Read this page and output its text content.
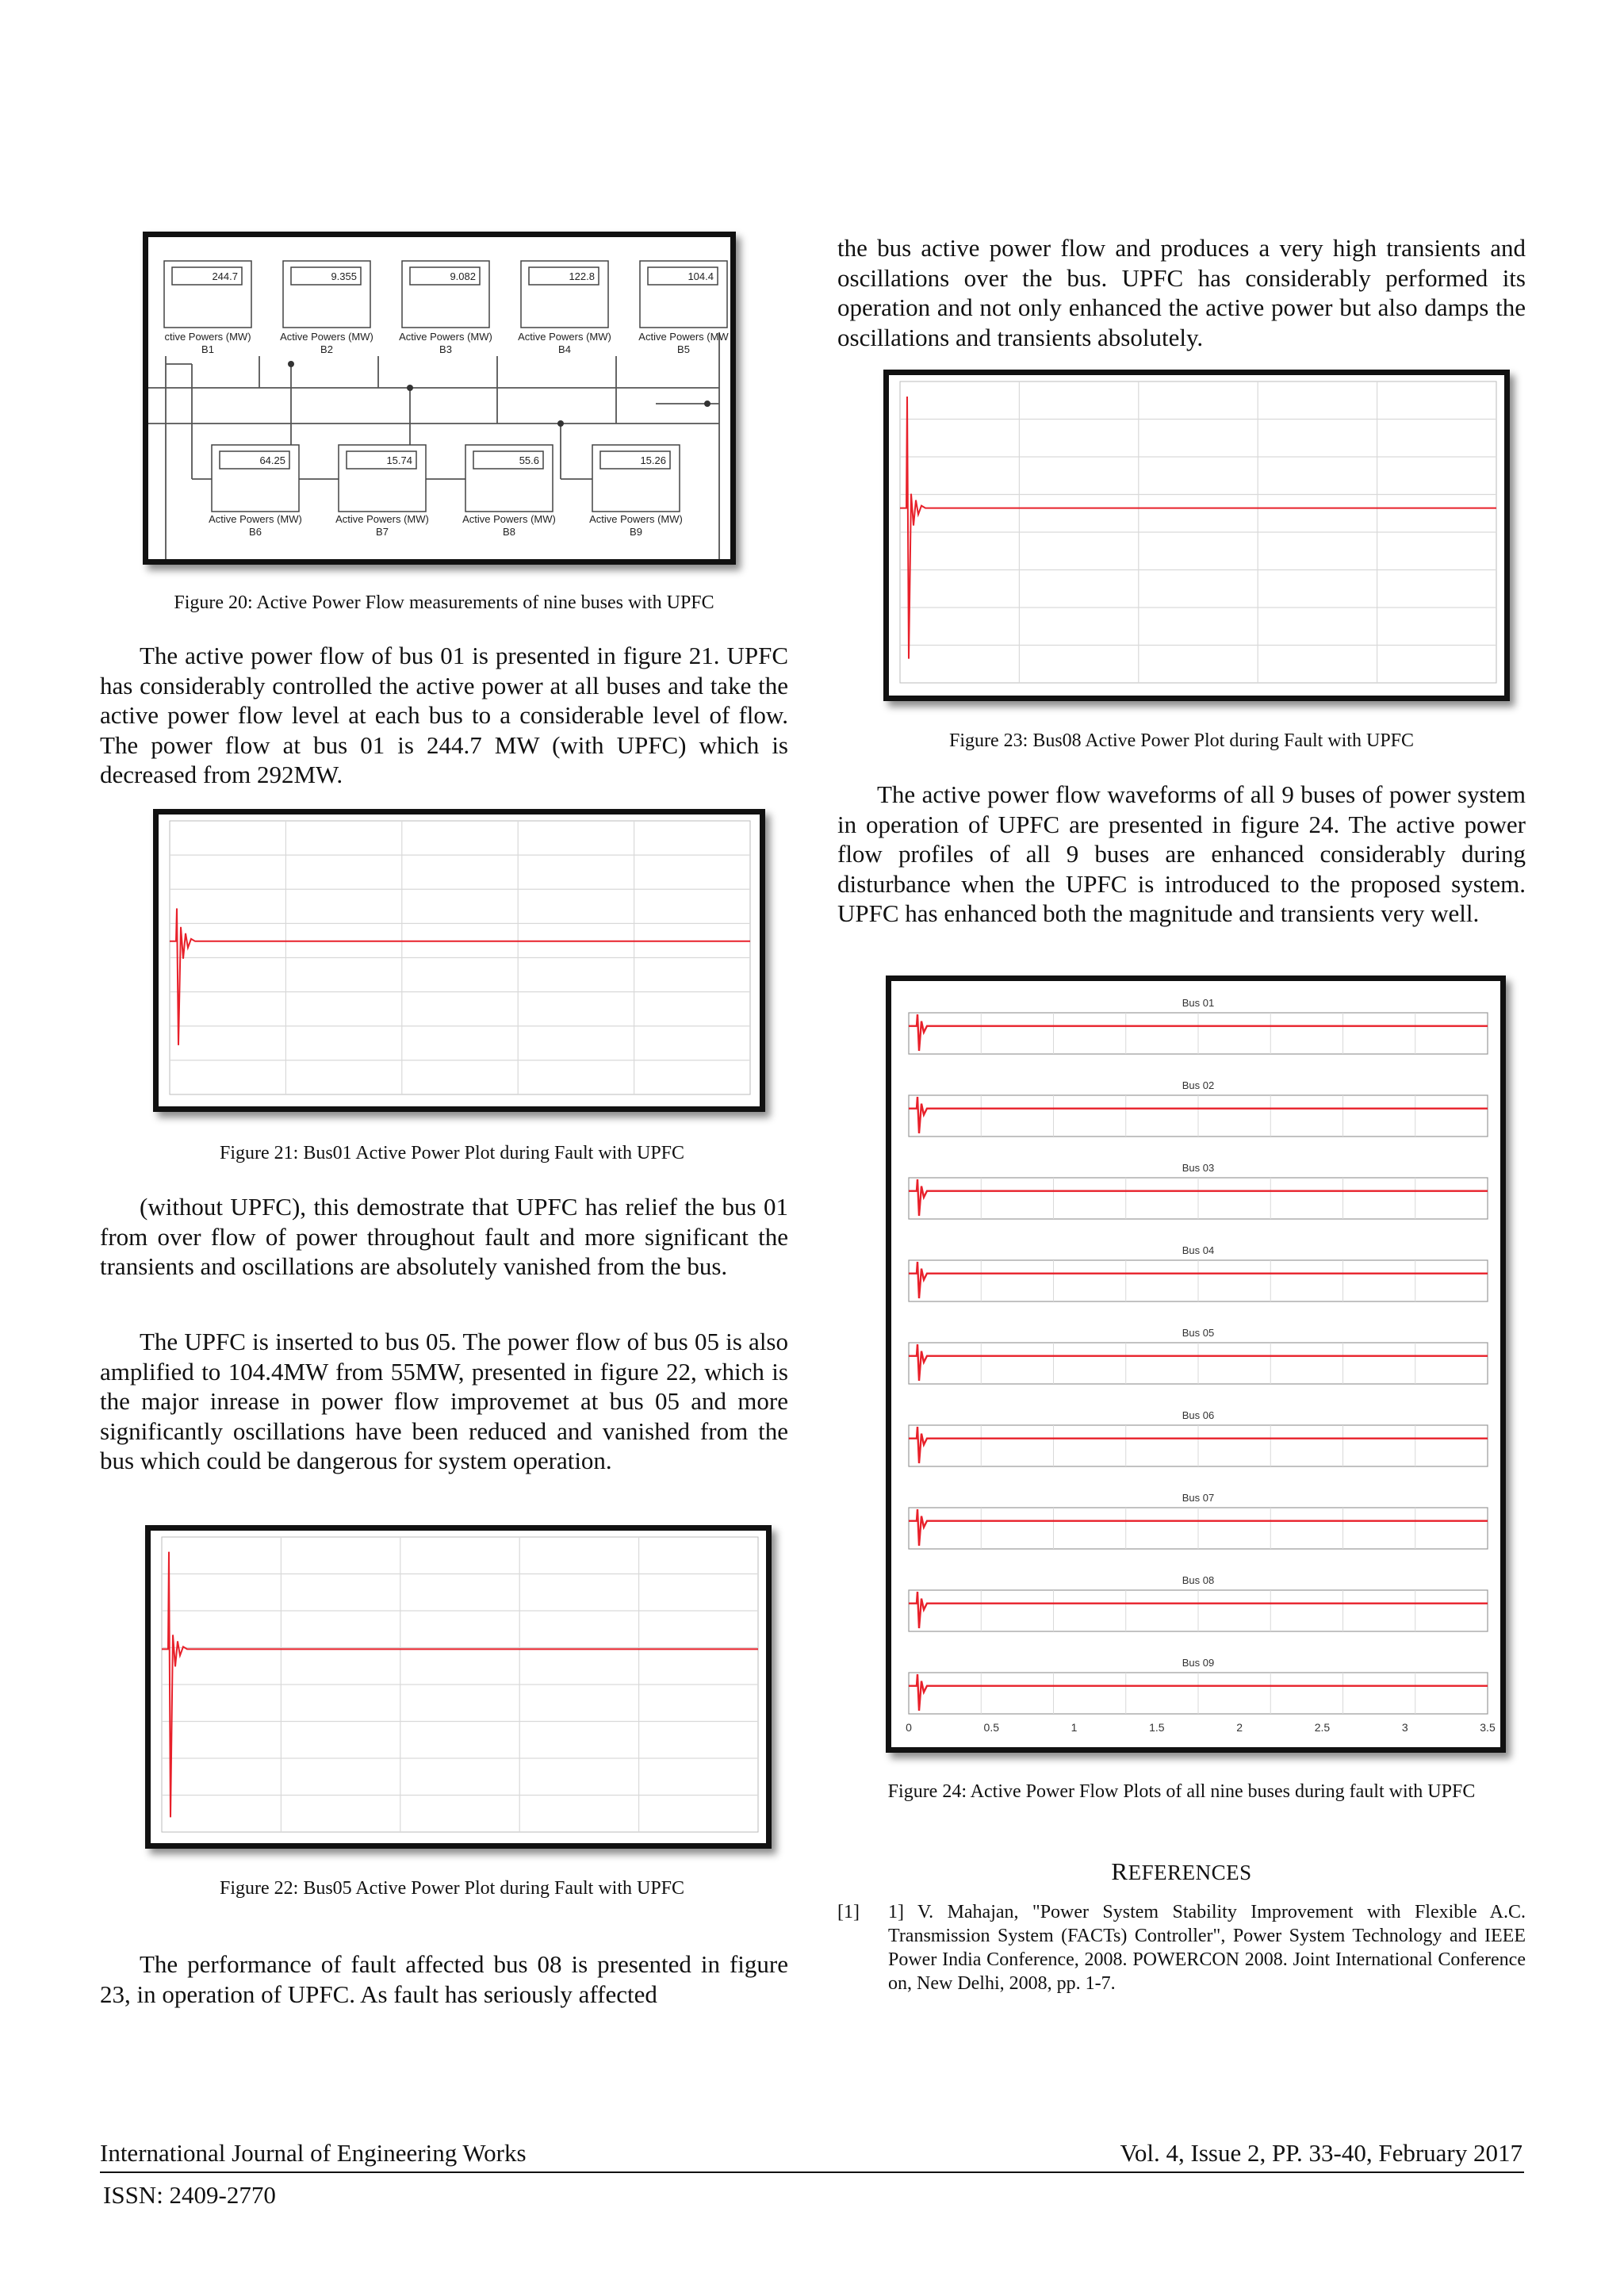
244.7
ctive Powers (MW)
B1
9.355
Active Powers (MW)
B2
9.082
Active Powers (MW)
B3
122.8
Active Powers (MW)
B4
104.4
Active Powers (MW
B5
64.25
Active Powers (MW)
B6
15.74
Active Powers (MW)
B7
55.6
Active Powers (MW)
B8
15.26
Active Powers (MW)
B9
Figure 20: Active Power Flow measurements of nine buses with UPFC

The active power flow of bus 01 is presented in figure 21. UPFC has considerably controlled the active power at all buses and take the active power flow level at each bus to a considerable level of flow. The power flow at bus 01 is 244.7 MW (with UPFC) which is decreased from 292MW.

Figure 21: Bus01 Active Power Plot during Fault with UPFC

(without UPFC), this demostrate that UPFC has relief the bus 01 from over flow of power throughout fault and more significant the transients and oscillations are absolutely vanished from the bus.

The UPFC is inserted to bus 05. The power flow of bus 05 is also amplified to 104.4MW from 55MW, presented in figure 22, which is the major inrease in power flow improvemet at bus 05 and more significantly oscillations have been reduced and vanished from the bus which could be dangerous for system operation.

Figure 22: Bus05 Active Power Plot during Fault with UPFC

The performance of fault affected bus 08 is presented in figure 23, in operation of UPFC. As fault has seriously affected

the bus active power flow and produces a very high transients and oscillations over the bus. UPFC has considerably performed its operation and not only enhanced the active power but also damps the oscillations and transients absolutely.

Figure 23: Bus08 Active Power Plot during Fault with UPFC

The active power flow waveforms of all 9 buses of power system in operation of UPFC are presented in figure 24. The active power flow profiles of all 9 buses are enhanced considerably during disturbance when the UPFC is introduced to the proposed system. UPFC has enhanced both the magnitude and transients very well.

Bus 01
Bus 02
Bus 03
Bus 04
Bus 05
Bus 06
Bus 07
Bus 08
Bus 09
0	0.5	1	1.5	2	2.5	3	3.5
Figure 24: Active Power Flow Plots of all nine buses during fault with UPFC
REFERENCES
[1] 1] V. Mahajan, "Power System Stability Improvement with Flexible A.C. Transmission System (FACTs) Controller", Power System Technology and IEEE Power India Conference, 2008. POWERCON 2008. Joint International Conference on, New Delhi, 2008, pp. 1-7.
International Journal of Engineering Works	Vol. 4, Issue 2, PP. 33-40, February 2017
ISSN: 2409-2770
